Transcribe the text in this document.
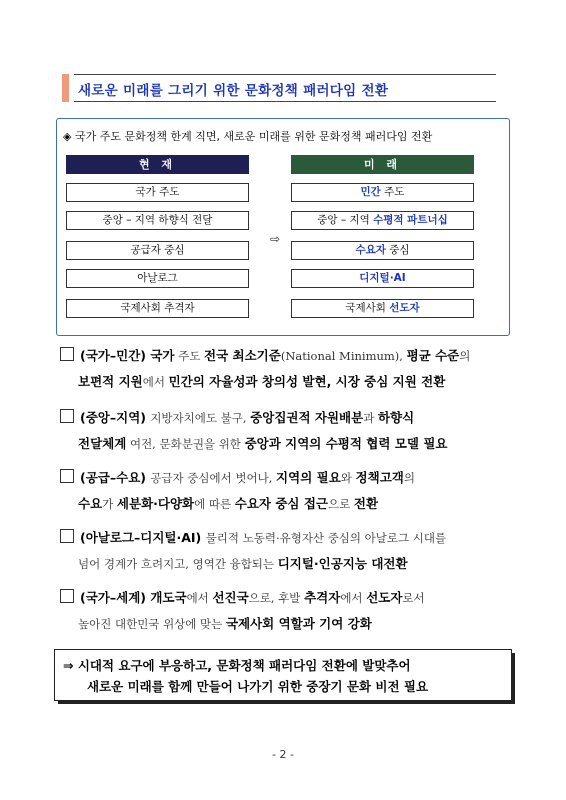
새로운 미래를 그리기 위한 문화정책 패러다임 전환
◈ 국가 주도 문화정책 한계 직면, 새로운 미래를 위한 문화정책 패러다임 전환
현 재	미 래
국가 주도	민간 주도
중앙 – 지역 하향식 전달	중앙 – 지역 수평적 파트너십
공급자 중심	수요자 중심
아날로그	디지털·AI
국제사회 추격자	국제사회 선도자
⇨
(국가–민간) 국가 주도 전국 최소기준(National Minimum), 평균 수준의
보편적 지원에서 민간의 자율성과 창의성 발현, 시장 중심 지원 전환
(중앙–지역) 지방자치에도 불구, 중앙집권적 자원배분과 하향식
전달체계 여전, 문화분권을 위한 중앙과 지역의 수평적 협력 모델 필요
(공급–수요) 공급자 중심에서 벗어나, 지역의 필요와 정책고객의
수요가 세분화·다양화에 따른 수요자 중심 접근으로 전환
(아날로그–디지털·AI) 물리적 노동력·유형자산 중심의 아날로그 시대를
넘어 경계가 흐려지고, 영역간 융합되는 디지털·인공지능 대전환
(국가–세계) 개도국에서 선진국으로, 후발 추격자에서 선도자로서
높아진 대한민국 위상에 맞는 국제사회 역할과 기여 강화
⇒ 시대적 요구에 부응하고, 문화정책 패러다임 전환에 발맞추어
새로운 미래를 함께 만들어 나가기 위한 중장기 문화 비전 필요
- 2 -
